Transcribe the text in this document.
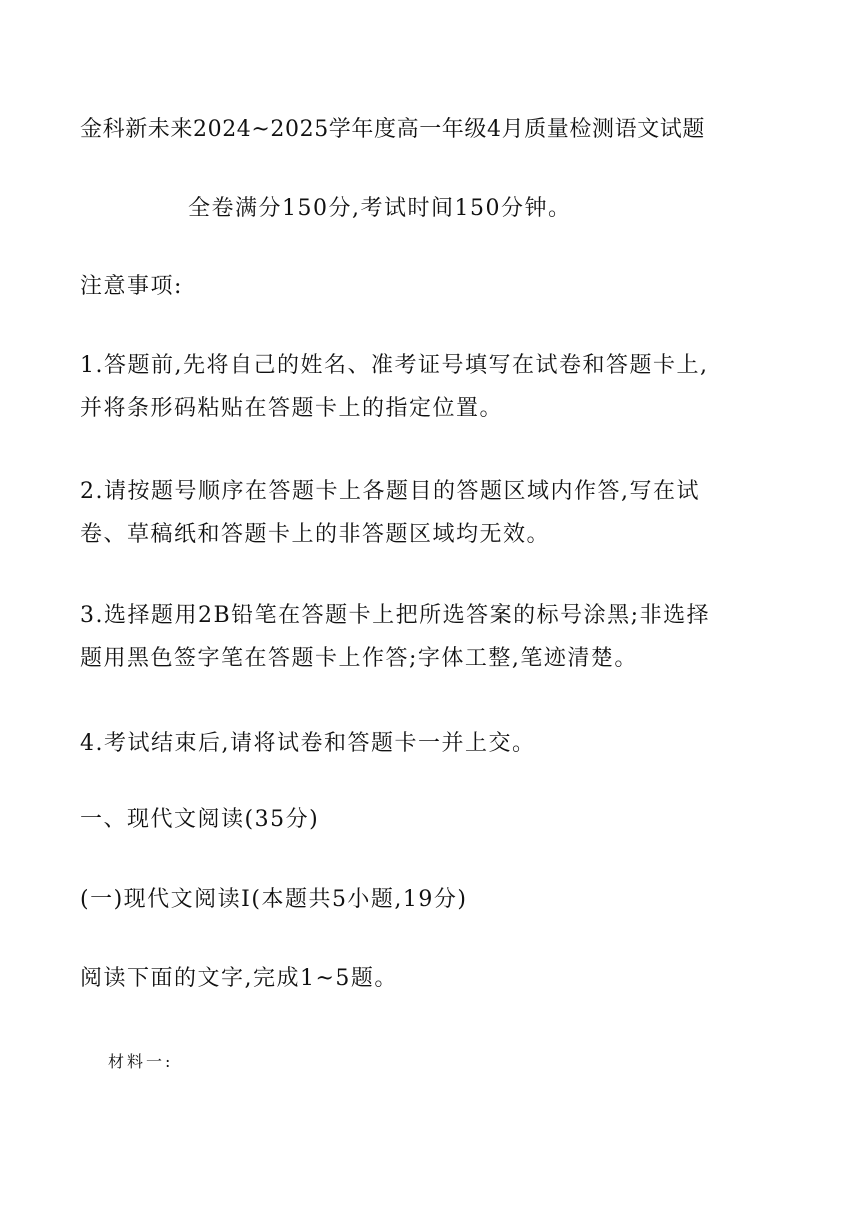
金科新未来2024~2025学年度高一年级4月质量检测语文试题
全卷满分150分,考试时间150分钟。
注意事项:
1.答题前,先将自己的姓名、准考证号填写在试卷和答题卡上,
并将条形码粘贴在答题卡上的指定位置。
2.请按题号顺序在答题卡上各题目的答题区域内作答,写在试
卷、草稿纸和答题卡上的非答题区域均无效。
3.选择题用2B铅笔在答题卡上把所选答案的标号涂黑;非选择
题用黑色签字笔在答题卡上作答;字体工整,笔迹清楚。
4.考试结束后,请将试卷和答题卡一并上交。
一、现代文阅读(35分)
(一)现代文阅读Ⅰ(本题共5小题,19分)
阅读下面的文字,完成1~5题。
材料一:
